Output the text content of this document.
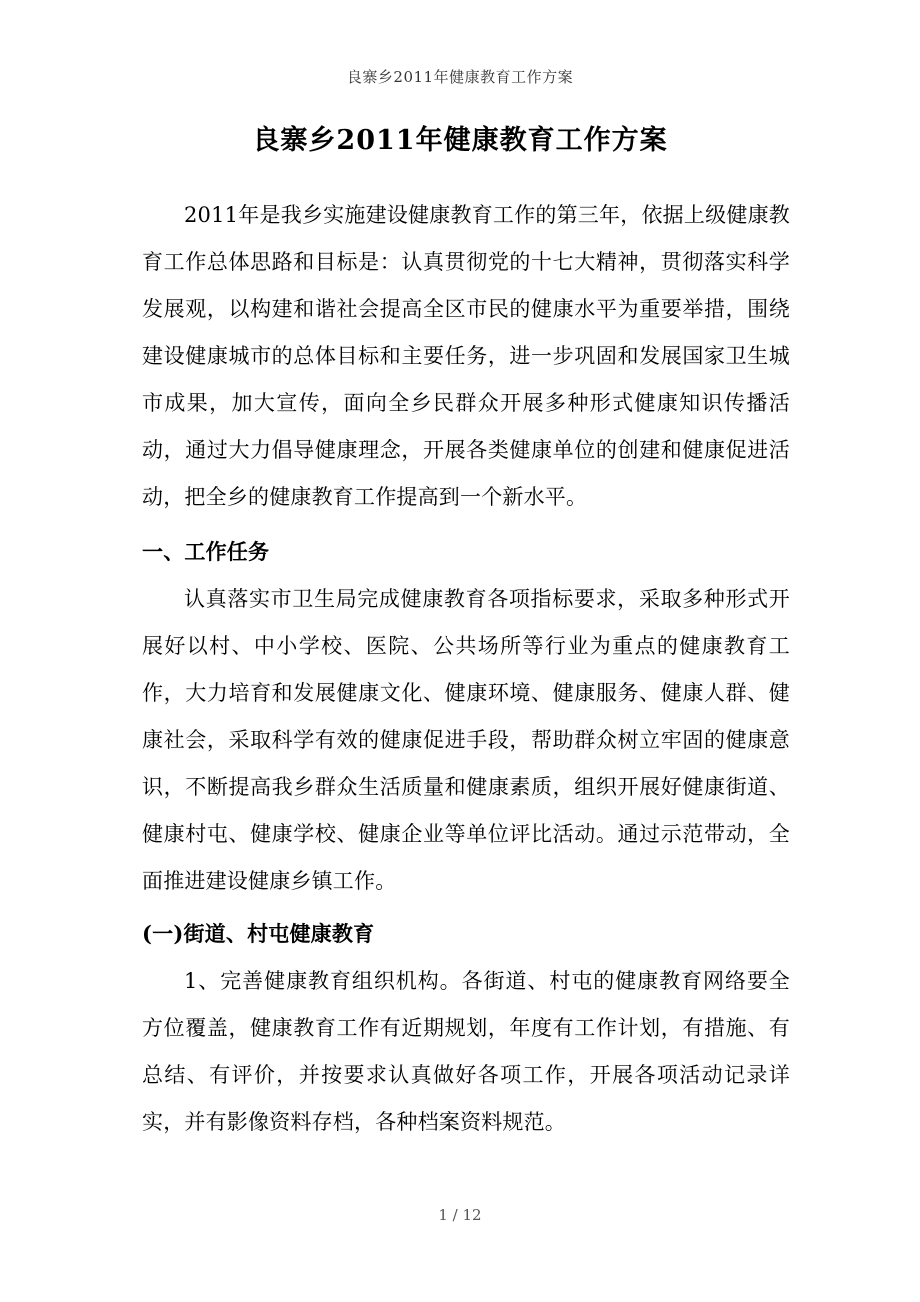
良寨乡2011年健康教育工作方案
良寨乡2011年健康教育工作方案

2011年是我乡实施建设健康教育工作的第三年，依据上级健康教育工作总体思路和目标是：认真贯彻党的十七大精神，贯彻落实科学发展观，以构建和谐社会提高全区市民的健康水平为重要举措，围绕建设健康城市的总体目标和主要任务，进一步巩固和发展国家卫生城市成果，加大宣传，面向全乡民群众开展多种形式健康知识传播活动，通过大力倡导健康理念，开展各类健康单位的创建和健康促进活动，把全乡的健康教育工作提高到一个新水平。

一、工作任务

认真落实市卫生局完成健康教育各项指标要求，采取多种形式开展好以村、中小学校、医院、公共场所等行业为重点的健康教育工作，大力培育和发展健康文化、健康环境、健康服务、健康人群、健康社会，采取科学有效的健康促进手段，帮助群众树立牢固的健康意识，不断提高我乡群众生活质量和健康素质，组织开展好健康街道、健康村屯、健康学校、健康企业等单位评比活动。通过示范带动，全面推进建设健康乡镇工作。

(一)街道、村屯健康教育

1、完善健康教育组织机构。各街道、村屯的健康教育网络要全方位覆盖，健康教育工作有近期规划，年度有工作计划，有措施、有总结、有评价，并按要求认真做好各项工作，开展各项活动记录详实，并有影像资料存档，各种档案资料规范。

1 / 12
